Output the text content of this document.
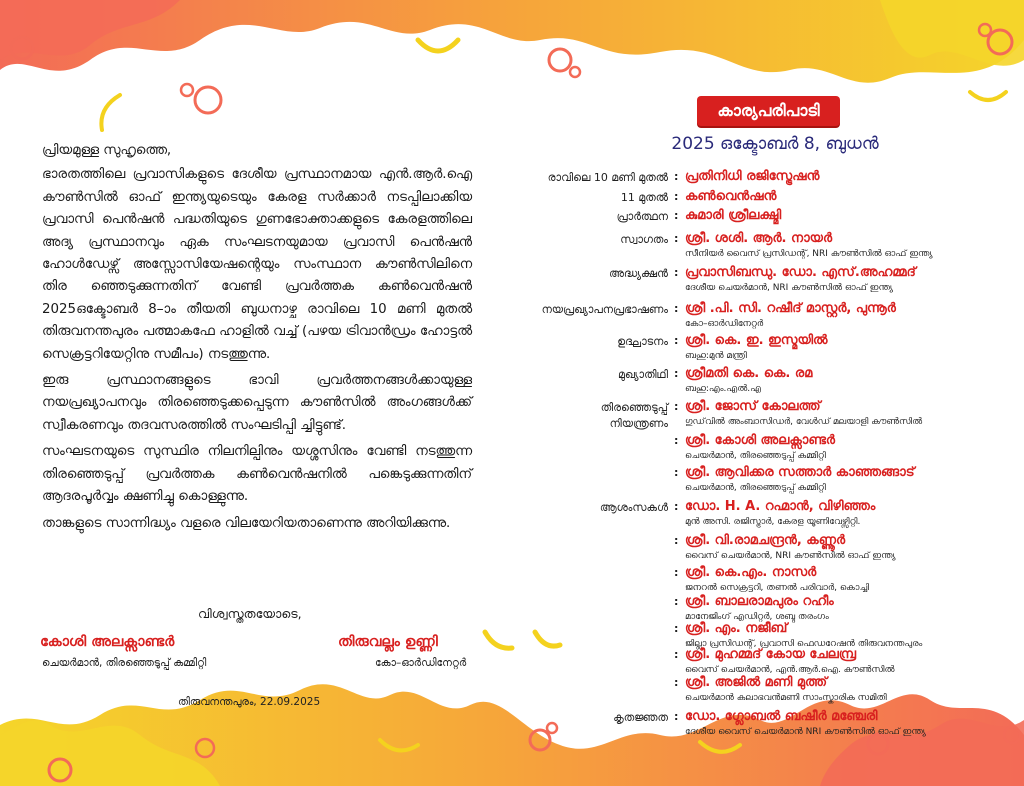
പ്രിയമുള്ള സുഹൃത്തെ,

ഭാരതത്തിലെ പ്രവാസികളുടെ ദേശീയ പ്രസ്ഥാനമായ എൻ.ആർ.ഐ കൗൺസിൽ ഓഫ് ഇന്ത്യയുടെയും കേരള സർക്കാർ നടപ്പിലാക്കിയ പ്രവാസി പെൻഷൻ പദ്ധതിയുടെ ഗുണഭോക്താക്കളുടെ കേരളത്തിലെ അദ്യ പ്രസ്ഥാനവും ഏക സംഘടനയുമായ പ്രവാസി പെൻഷൻ ഹോൾഡേഴ്സ് അസ്സോസിയേഷന്റെയും സംസ്ഥാന കൗൺസിലിനെ തിര ഞ്ഞെടുക്കുന്നതിന് വേണ്ടി പ്രവർത്തക കൺവെൻഷൻ 2025ഒക്ടോബർ 8–ാം തീയതി ബുധനാഴ്ച രാവിലെ 10 മണി മുതൽ തിരുവനന്തപുരം പത്മാകഫേ ഹാളിൽ വച്ച് (പഴയ ട്രിവാൻഡ്രം ഹോട്ടൽ സെക്രട്ടറിയേറ്റിനു സമീപം) നടത്തുന്നു.

ഇരു പ്രസ്ഥാനങ്ങളുടെ ഭാവി പ്രവർത്തനങ്ങൾക്കായുള്ള നയപ്രഖ്യാപനവും തിരഞ്ഞെടുക്കപ്പെടുന്ന കൗൺസിൽ അംഗങ്ങൾക്ക് സ്വീകരണവും തദവസരത്തിൽ സംഘടിപ്പി ച്ചിട്ടുണ്ട്.

സംഘടനയുടെ സുസ്ഥിര നിലനില്പിനും യശ്ശസിനും വേണ്ടി നടത്തുന്ന തിരഞ്ഞെടുപ്പ് പ്രവർത്തക കൺവെൻഷനിൽ പങ്കെടുക്കുന്നതിന് ആദരപൂർവ്വം ക്ഷണിച്ചു കൊള്ളുന്നു.

താങ്കളുടെ സാന്നിദ്ധ്യം വളരെ വിലയേറിയതാണെന്നു അറിയിക്കുന്നു.

വിശ്വസ്തതയോടെ,
കോശി അലക്സാണ്ടർ
ചെയർമാൻ, തിരഞ്ഞെടുപ്പ് കമ്മിറ്റി
തിരുവല്ലം ഉണ്ണി
കോ–ഓർഡിനേറ്റർ
തിരുവനന്തപുരം, 22.09.2025
കാര്യപരിപാടി
2025 ഒക്ടോബർ 8, ബുധൻ
രാവിലെ 10 മണി മുതൽ : പ്രതിനിധി രജിസ്ട്രേഷൻ
11 മുതൽ : കൺവെൻഷൻ
പ്രാർത്ഥന : കുമാരി ശ്രീലക്ഷ്മി
സ്വാഗതം : ശ്രീ. ശശി. ആർ. നായർ
സീനിയർ വൈസ് പ്രസിഡന്റ്, NRI കൗൺസിൽ ഓഫ് ഇന്ത്യ
അദ്ധ്യക്ഷൻ : പ്രവാസിബന്ധു. ഡോ. എസ്.അഹമ്മദ്
ദേശീയ ചെയർമാൻ, NRI കൗൺസിൽ ഓഫ് ഇന്ത്യ
നയപ്രഖ്യാപനപ്രഭാഷണം : ശ്രീ .പി. സി. റഷീദ് മാസ്റ്റർ, പുന്നൂർ
കോ–ഓർഡിനേറ്റർ
ഉദ്ഘാടനം : ശ്രീ. കെ. ഇ. ഇസ്മയിൽ
ബഹു:മുൻ മന്ത്രി
മുഖ്യാതിഥി : ശ്രീമതി കെ. കെ. രമ
ബഹു:എം.എൽ.എ
തിരഞ്ഞെടുപ്പ്
നിയന്ത്രണം
: ശ്രീ. ജോസ് കോലത്ത്
ഗുഡ്‌വിൽ അംബാസിഡർ, വേൾഡ് മലയാളി കൗൺസിൽ
: ശ്രീ. കോശി അലക്സാണ്ടർ
ചെയർമാൻ, തിരഞ്ഞെടുപ്പ് കമ്മിറ്റി
: ശ്രീ. ആവിക്കര സത്താർ കാഞ്ഞങ്ങാട്
ചെയർമാൻ, തിരഞ്ഞെടുപ്പ് കമ്മിറ്റി
ആശംസകൾ : ഡോ. H. A. റഹ്മാൻ, വിഴിഞ്ഞം
മുൻ അസി. രജിസ്ട്രാർ, കേരള യൂണിവേഴ്സിറ്റി.
: ശ്രീ. വി.രാമചന്ദ്രൻ, കണ്ണൂർ
വൈസ് ചെയർമാൻ, NRI കൗൺസിൽ ഓഫ് ഇന്ത്യ
: ശ്രീ. കെ.എം. നാസർ
ജനറൽ സെക്രട്ടറി, തണൽ പരിവാർ, കൊച്ചി
: ശ്രീ. ബാലരാമപുരം റഹീം
മാനേജിംഗ് എഡിറ്റർ, ശബ്ദ തരംഗം
: ശ്രീ. എം. നജീബ്
ജില്ലാ പ്രസിഡന്റ്, പ്രവാസി ഫെഡറേഷൻ തിരുവനന്തപുരം
: ശ്രീ. മുഹമ്മദ് കോയ ചേലമ്പ്ര
വൈസ് ചെയർമാൻ, എൻ.ആർ.ഐ. കൗൺസിൽ
: ശ്രീ. അജിൽ മണി മുത്ത്
ചെയർമാൻ കലാഭവൻമണി സാംസ്കാരിക സമിതി
കൃതജ്ഞത : ഡോ. ഗ്ലോബൽ ബഷീർ മഞ്ചേരി
ദേശീയ വൈസ് ചെയർമാൻ NRI കൗൺസിൽ ഓഫ് ഇന്ത്യ
